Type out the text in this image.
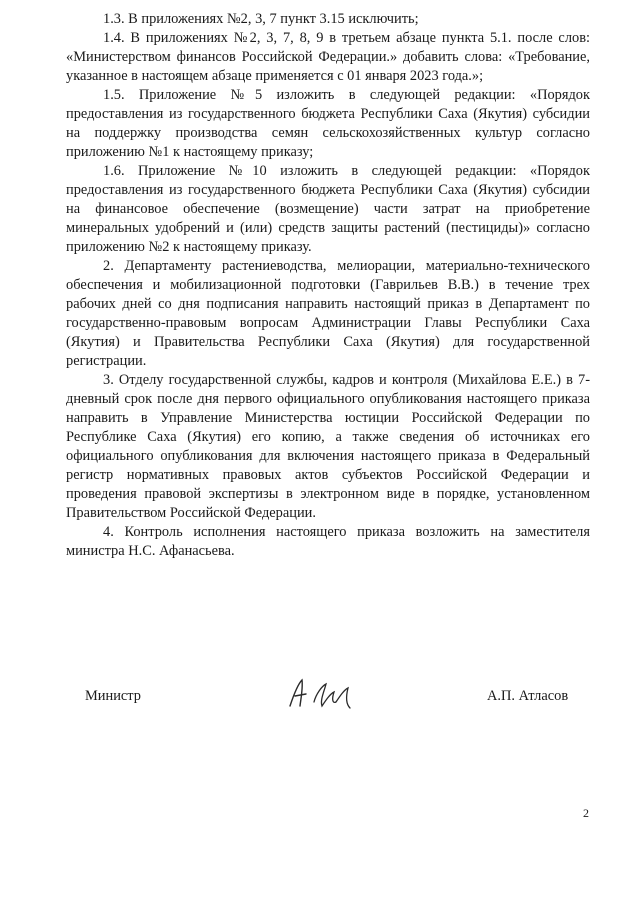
1.3. В приложениях №2, 3, 7 пункт 3.15 исключить;

1.4. В приложениях №2, 3, 7, 8, 9 в третьем абзаце пункта 5.1. после слов: «Министерством финансов Российской Федерации.» добавить слова: «Требование, указанное в настоящем абзаце применяется с 01 января 2023 года.»;

1.5. Приложение №5 изложить в следующей редакции: «Порядок предоставления из государственного бюджета Республики Саха (Якутия) субсидии на поддержку производства семян сельскохозяйственных культур согласно приложению №1 к настоящему приказу;

1.6. Приложение №10 изложить в следующей редакции: «Порядок предоставления из государственного бюджета Республики Саха (Якутия) субсидии на финансовое обеспечение (возмещение) части затрат на приобретение минеральных удобрений и (или) средств защиты растений (пестициды)» согласно приложению №2 к настоящему приказу.

2. Департаменту растениеводства, мелиорации, материально-технического обеспечения и мобилизационной подготовки (Гаврильев В.В.) в течение трех рабочих дней со дня подписания направить настоящий приказ в Департамент по государственно-правовым вопросам Администрации Главы Республики Саха (Якутия) и Правительства Республики Саха (Якутия) для государственной регистрации.

3. Отделу государственной службы, кадров и контроля (Михайлова Е.Е.) в 7-дневный срок после дня первого официального опубликования настоящего приказа направить в Управление Министерства юстиции Российской Федерации по Республике Саха (Якутия) его копию, а также сведения об источниках его официального опубликования для включения настоящего приказа в Федеральный регистр нормативных правовых актов субъектов Российской Федерации и проведения правовой экспертизы в электронном виде в порядке, установленном Правительством Российской Федерации.

4. Контроль исполнения настоящего приказа возложить на заместителя министра Н.С. Афанасьева.

Министр	А.П. Атласов
2
